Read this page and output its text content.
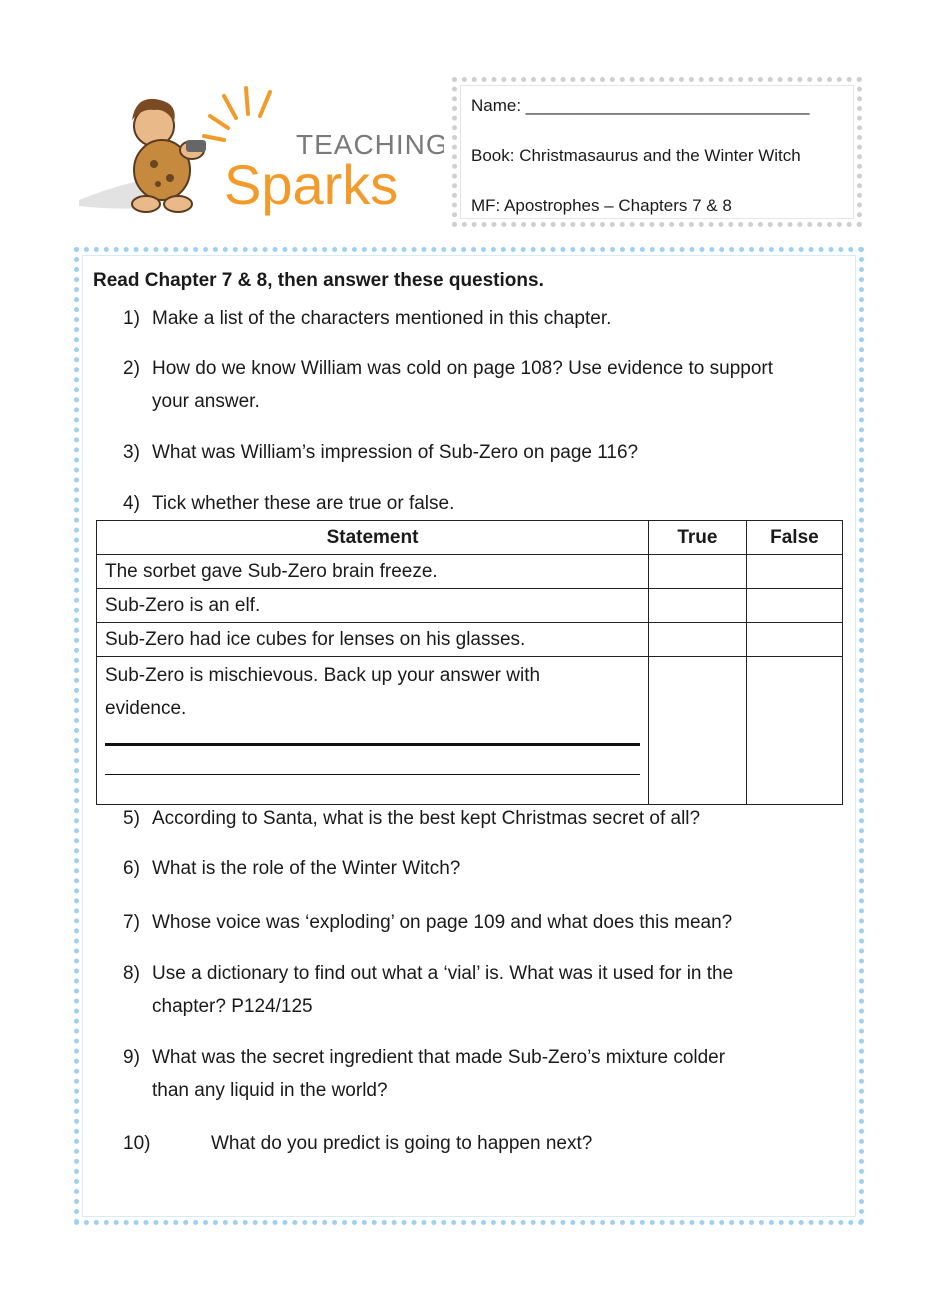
TEACHING
Sparks
Name: ______________________________
Book: Christmasaurus and the Winter Witch
MF: Apostrophes – Chapters 7 & 8
Read Chapter 7 & 8, then answer these questions.
1) Make a list of the characters mentioned in this chapter.
2) How do we know William was cold on page 108? Use evidence to support
your answer.
3) What was William’s impression of Sub-Zero on page 116?
4) Tick whether these are true or false.
Statement	True	False
The sorbet gave Sub-Zero brain freeze.		
Sub-Zero is an elf.		
Sub-Zero had ice cubes for lenses on his glasses.		

Sub-Zero is mischievous. Back up your answer with
evidence.		

5) According to Santa, what is the best kept Christmas secret of all?
6) What is the role of the Winter Witch?
7) Whose voice was ‘exploding’ on page 109 and what does this mean?
8) Use a dictionary to find out what a ‘vial’ is. What was it used for in the
chapter? P124/125
9) What was the secret ingredient that made Sub-Zero’s mixture colder
than any liquid in the world?
10)	What do you predict is going to happen next?
